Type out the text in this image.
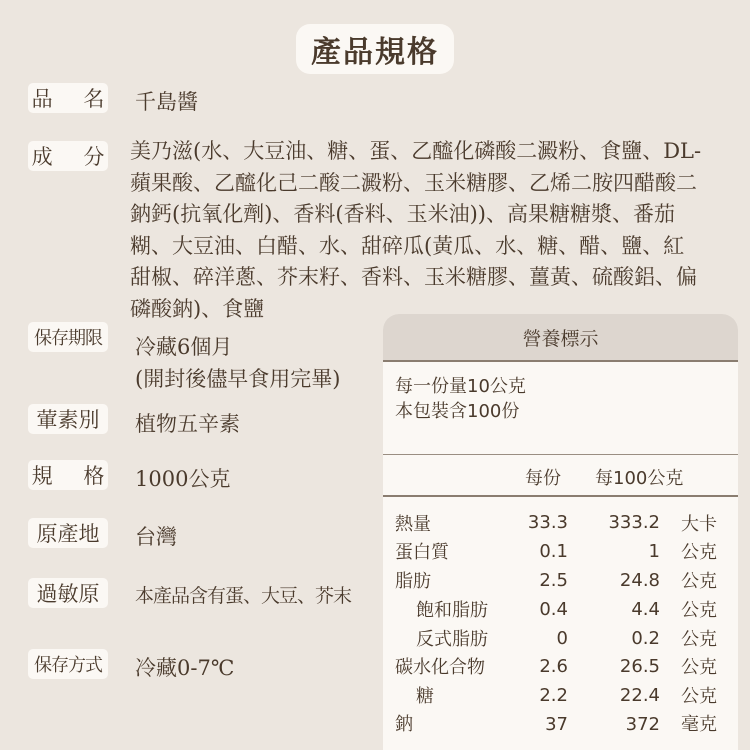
產品規格
品 名 千島醬
成 分 美乃滋(水、大豆油、糖、蛋、乙醯化磷酸二澱粉、食鹽、DL-
蘋果酸、乙醯化己二酸二澱粉、玉米糖膠、乙烯二胺四醋酸二
鈉鈣(抗氧化劑)、香料(香料、玉米油))、高果糖糖漿、番茄
糊、大豆油、白醋、水、甜碎瓜(黃瓜、水、糖、醋、鹽、紅
甜椒、碎洋蔥、芥末籽、香料、玉米糖膠、薑黃、硫酸鋁、偏
磷酸鈉)、食鹽
保存期限 冷藏6個月
(開封後儘早食用完畢)
葷素別	植物五辛素
規 格 1000公克
原產地	台灣
過敏原	本產品含有蛋、大豆、芥末
保存方式 冷藏0-7℃
營養標示
每一份量10公克
本包裝含100份
每份 每100公克
熱量	33.3 333.2 大卡
蛋白質	0.1	1 公克
脂肪	2.5	24.8 公克
飽和脂肪	0.4	4.4 公克
反式脂肪	0	0.2 公克
碳水化合物	2.6	26.5 公克
糖	2.2	22.4 公克
鈉	37	372 毫克
